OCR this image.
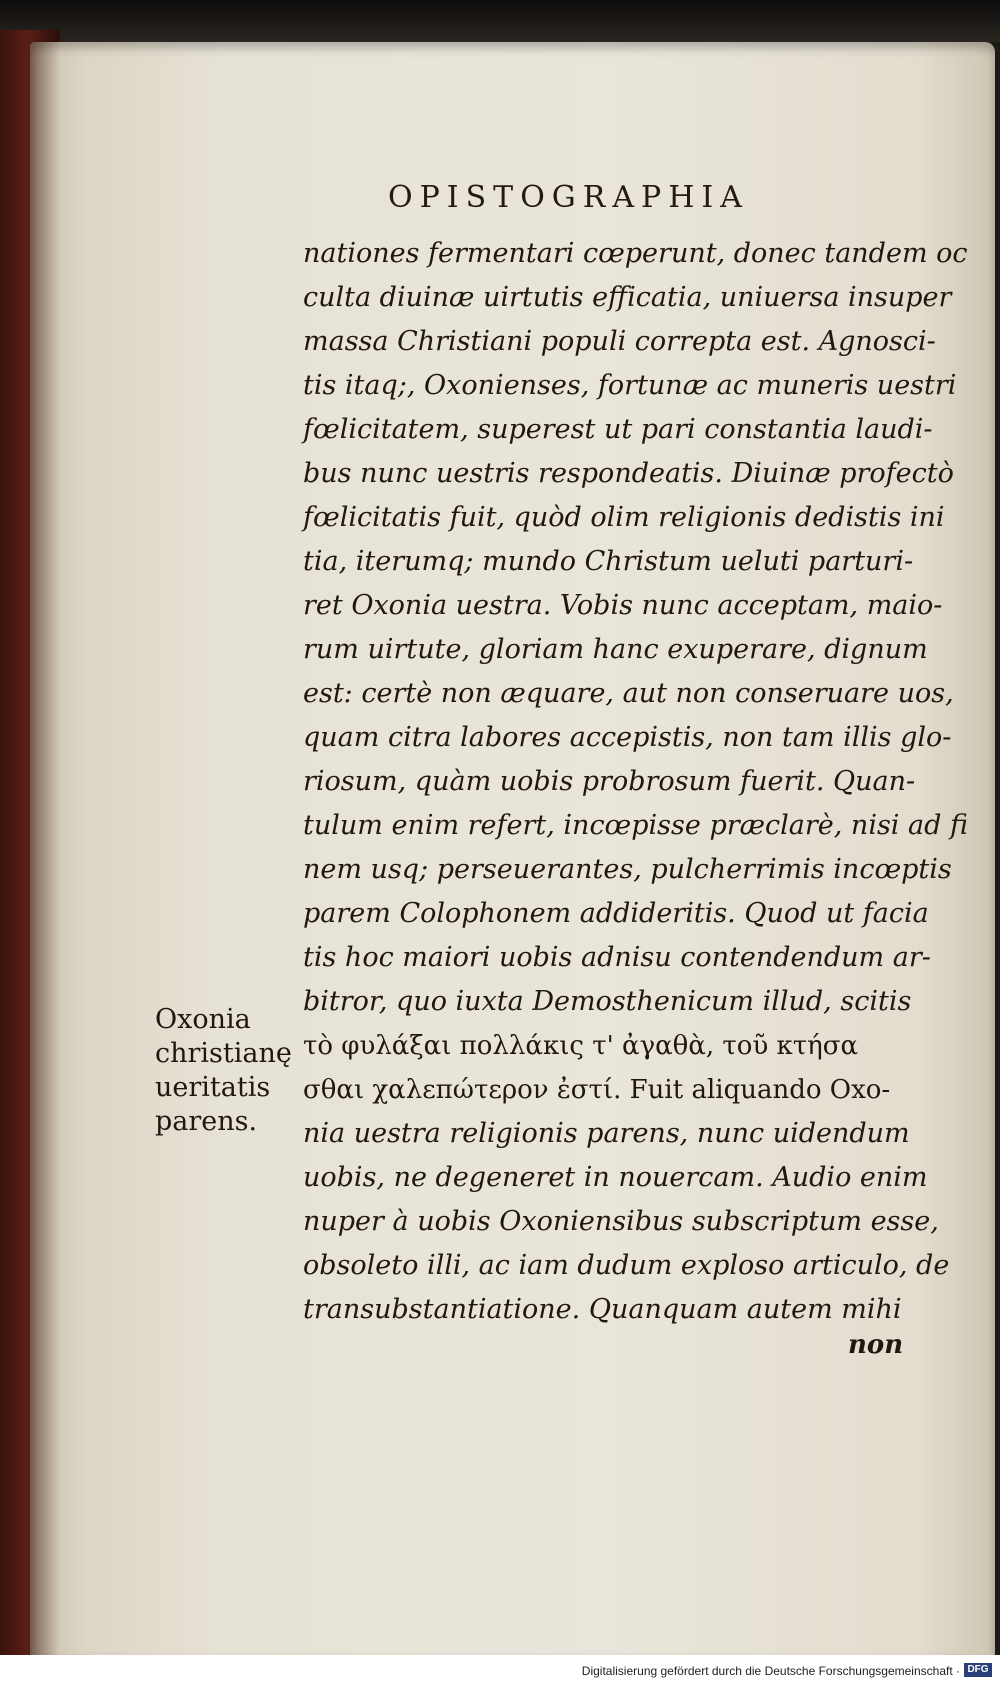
OPISTOGRAPHIA
nationes fermentari cœperunt, donec tandem oc
culta diuinæ uirtutis efficatia, uniuersa insuper
massa Christiani populi correpta est. Agnosci-
tis itaq;, Oxonienses, fortunæ ac muneris uestri
fœlicitatem, superest ut pari constantia laudi-
bus nunc uestris respondeatis. Diuinæ profectò
fœlicitatis fuit, quòd olim religionis dedistis ini
tia, iterumq; mundo Christum ueluti parturi-
ret Oxonia uestra. Vobis nunc acceptam, maio-
rum uirtute, gloriam hanc exuperare, dignum
est: certè non æquare, aut non conseruare uos,
quam citra labores accepistis, non tam illis glo-
riosum, quàm uobis probrosum fuerit. Quan-
tulum enim refert, incœpisse præclarè, nisi ad fi
nem usq; perseuerantes, pulcherrimis incœptis
parem Colophonem addideritis. Quod ut facia
tis hoc maiori uobis adnisu contendendum ar-
bitror, quo iuxta Demosthenicum illud, scitis
τὸ φυλάξαι πολλάκις τ' ἀγαθὰ, τοῦ κτήσα
σθαι χαλεπώτερον ἐστί. Fuit aliquando Oxo-
nia uestra religionis parens, nunc uidendum
uobis, ne degeneret in nouercam. Audio enim
nuper à uobis Oxoniensibus subscriptum esse,
obsoleto illi, ac iam dudum exploso articulo, de
transubstantiatione. Quanquam autem mihi
non
Oxonia
christianę
ueritatis
parens.
Digitalisierung gefördert durch die Deutsche Forschungsgemeinschaft · DFG
